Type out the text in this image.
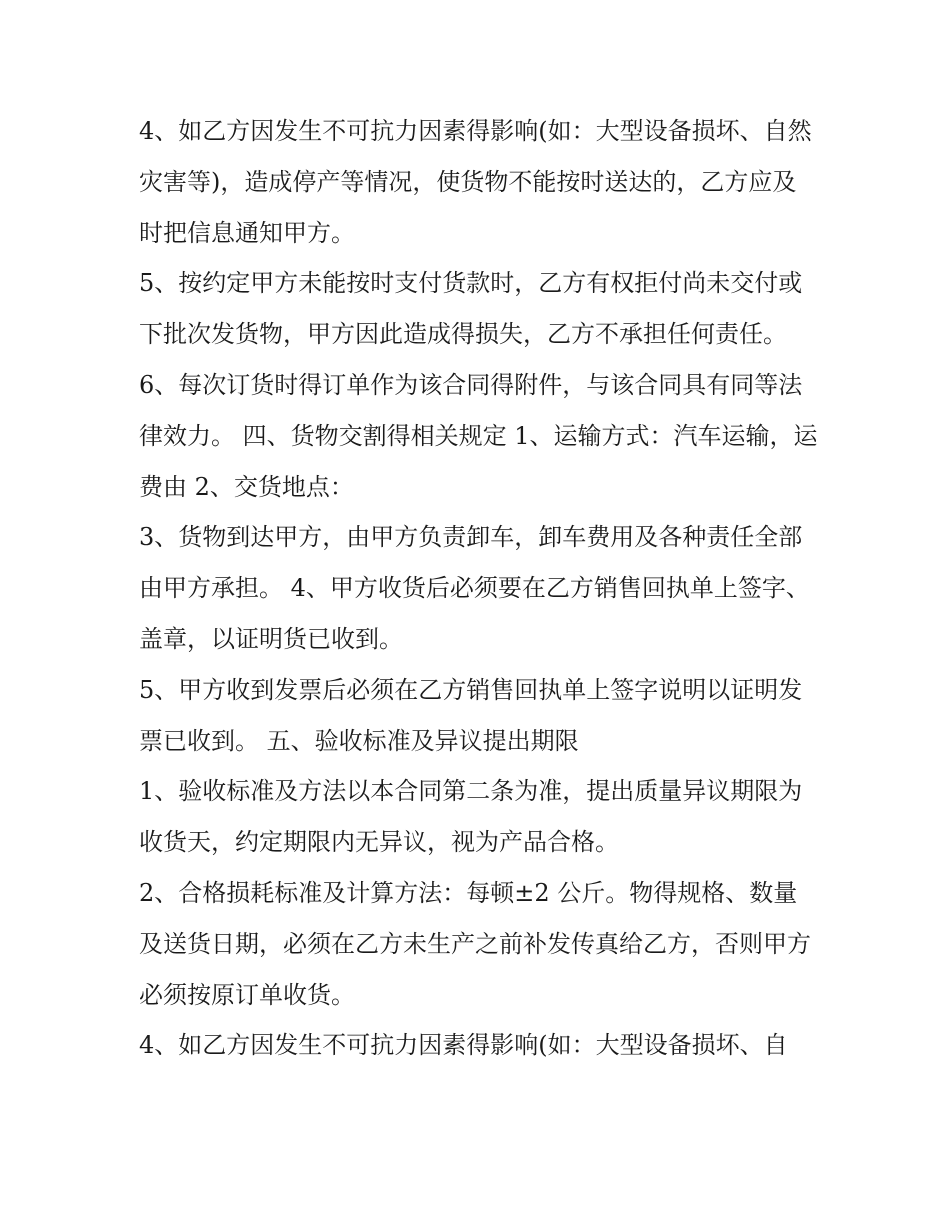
4、如乙方因发生不可抗力因素得影响(如：大型设备损坏、自然灾害等)，造成停产等情况，使货物不能按时送达的，乙方应及时把信息通知甲方。

5、按约定甲方未能按时支付货款时，乙方有权拒付尚未交付或下批次发货物，甲方因此造成得损失，乙方不承担任何责任。

6、每次订货时得订单作为该合同得附件，与该合同具有同等法律效力。 四、货物交割得相关规定 1、运输方式：汽车运输，运费由 2、交货地点：

3、货物到达甲方，由甲方负责卸车，卸车费用及各种责任全部由甲方承担。 4、甲方收货后必须要在乙方销售回执单上签字、盖章，以证明货已收到。

5、甲方收到发票后必须在乙方销售回执单上签字说明以证明发票已收到。 五、验收标准及异议提出期限

1、验收标准及方法以本合同第二条为准，提出质量异议期限为收货天，约定期限内无异议，视为产品合格。

2、合格损耗标准及计算方法：每顿±2 公斤。物得规格、数量及送货日期，必须在乙方未生产之前补发传真给乙方，否则甲方必须按原订单收货。

4、如乙方因发生不可抗力因素得影响(如：大型设备损坏、自
